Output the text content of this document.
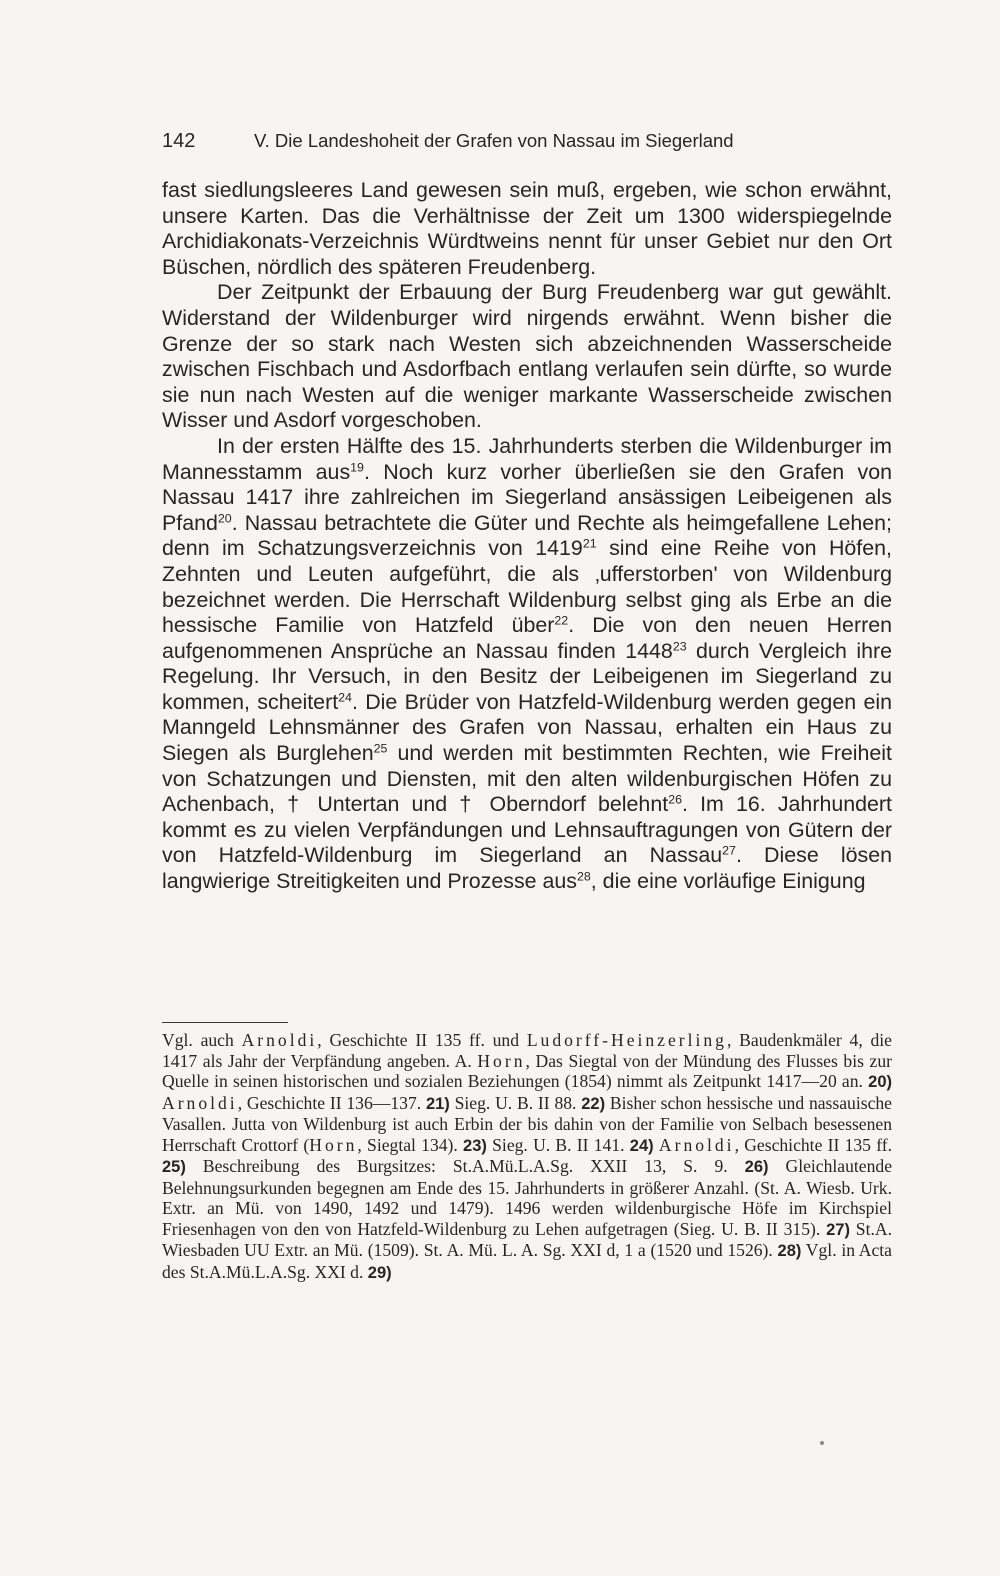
142	V. Die Landeshoheit der Grafen von Nassau im Siegerland

fast siedlungsleeres Land gewesen sein muß, ergeben, wie schon erwähnt, unsere Karten. Das die Verhältnisse der Zeit um 1300 widerspiegelnde Archidiakonats-Verzeichnis Würdtweins nennt für unser Gebiet nur den Ort Büschen, nördlich des späteren Freudenberg.

Der Zeitpunkt der Erbauung der Burg Freudenberg war gut gewählt. Widerstand der Wildenburger wird nirgends erwähnt. Wenn bisher die Grenze der so stark nach Westen sich abzeichnenden Wasserscheide zwischen Fischbach und Asdorfbach entlang verlaufen sein dürfte, so wurde sie nun nach Westen auf die weniger markante Wasserscheide zwischen Wisser und Asdorf vorgeschoben.

In der ersten Hälfte des 15. Jahrhunderts sterben die Wildenburger im Mannesstamm aus$^{19}$. Noch kurz vorher überließen sie den Grafen von Nassau 1417 ihre zahlreichen im Siegerland ansässigen Leibeigenen als Pfand$^{20}$. Nassau betrachtete die Güter und Rechte als heimgefallene Lehen; denn im Schatzungsverzeichnis von 1419$^{21}$ sind eine Reihe von Höfen, Zehnten und Leuten aufgeführt, die als ‚ufferstorben' von Wildenburg bezeichnet werden. Die Herrschaft Wildenburg selbst ging als Erbe an die hessische Familie von Hatzfeld über$^{22}$. Die von den neuen Herren aufgenommenen Ansprüche an Nassau finden 1448$^{23}$ durch Vergleich ihre Regelung. Ihr Versuch, in den Besitz der Leibeigenen im Siegerland zu kommen, scheitert$^{24}$. Die Brüder von Hatzfeld-Wildenburg werden gegen ein Manngeld Lehnsmänner des Grafen von Nassau, erhalten ein Haus zu Siegen als Burglehen$^{25}$ und werden mit bestimmten Rechten, wie Freiheit von Schatzungen und Diensten, mit den alten wildenburgischen Höfen zu Achenbach, † Untertan und † Oberndorf belehnt$^{26}$. Im 16. Jahrhundert kommt es zu vielen Verpfändungen und Lehnsauftragungen von Gütern der von Hatzfeld-Wildenburg im Siegerland an Nassau$^{27}$. Diese lösen langwierige Streitigkeiten und Prozesse aus$^{28}$, die eine vorläufige Einigung

Vgl. auch Arnoldi, Geschichte II 135 ff. und Ludorff-Heinzerling, Baudenkmäler 4, die 1417 als Jahr der Verpfändung angeben. A. Horn, Das Siegtal von der Mündung des Flusses bis zur Quelle in seinen historischen und sozialen Beziehungen (1854) nimmt als Zeitpunkt 1417—20 an. 20) Arnoldi, Geschichte II 136—137. 21) Sieg. U. B. II 88. 22) Bisher schon hessische und nassauische Vasallen. Jutta von Wildenburg ist auch Erbin der bis dahin von der Familie von Selbach besessenen Herrschaft Crottorf (Horn, Siegtal 134). 23) Sieg. U. B. II 141. 24) Arnoldi, Geschichte II 135 ff. 25) Beschreibung des Burgsitzes: St.A.Mü.L.A.Sg. XXII 13, S. 9. 26) Gleichlautende Belehnungsurkunden begegnen am Ende des 15. Jahrhunderts in größerer Anzahl. (St. A. Wiesb. Urk. Extr. an Mü. von 1490, 1492 und 1479). 1496 werden wildenburgische Höfe im Kirchspiel Friesenhagen von den von Hatzfeld-Wildenburg zu Lehen aufgetragen (Sieg. U. B. II 315). 27) St.A. Wiesbaden UU Extr. an Mü. (1509). St. A. Mü. L. A. Sg. XXI d, 1 a (1520 und 1526). 28) Vgl. in Acta des St.A.Mü.L.A.Sg. XXI d. 29)
